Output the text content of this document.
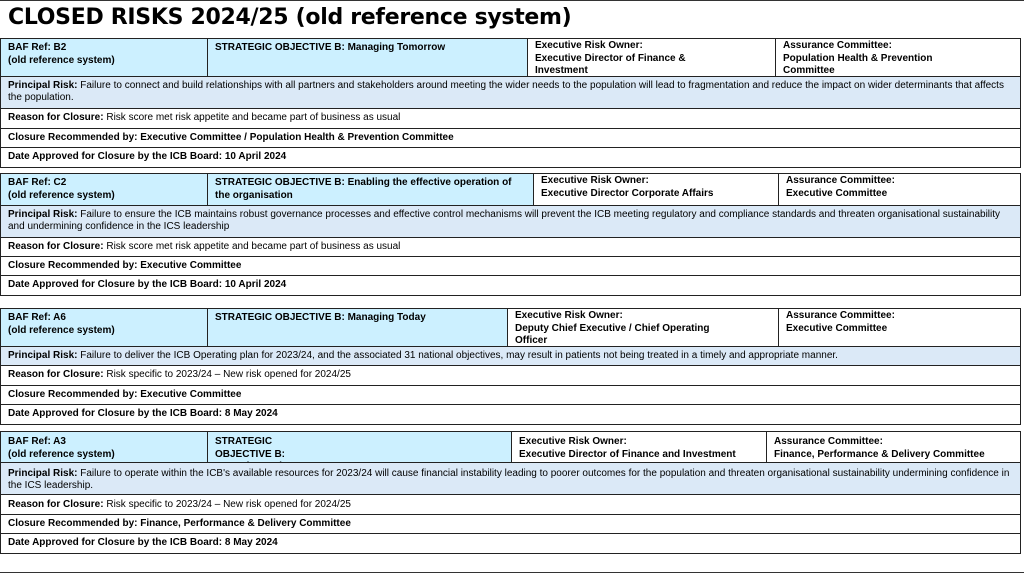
CLOSED RISKS 2024/25 (old reference system)
BAF Ref: B2
(old reference system)
STRATEGIC OBJECTIVE B: Managing Tomorrow	Executive Risk Owner:
Executive Director of Finance & Investment
Assurance Committee:
Population Health & Prevention Committee
Principal Risk: Failure to connect and build relationships with all partners and stakeholders around meeting the wider needs to the population will lead to fragmentation and reduce the impact on wider determinants that affects the population.
Reason for Closure: Risk score met risk appetite and became part of business as usual
Closure Recommended by: Executive Committee / Population Health & Prevention Committee
Date Approved for Closure by the ICB Board: 10 April 2024
BAF Ref: C2
(old reference system)
STRATEGIC OBJECTIVE B: Enabling the effective operation of the organisation
Executive Risk Owner:
Executive Director Corporate Affairs
Assurance Committee:
Executive Committee
Principal Risk: Failure to ensure the ICB maintains robust governance processes and effective control mechanisms will prevent the ICB meeting regulatory and compliance standards and threaten organisational sustainability and undermining confidence in the ICS leadership
Reason for Closure: Risk score met risk appetite and became part of business as usual
Closure Recommended by: Executive Committee
Date Approved for Closure by the ICB Board: 10 April 2024
BAF Ref: A6
(old reference system)
STRATEGIC OBJECTIVE B: Managing Today	Executive Risk Owner:
Deputy Chief Executive / Chief Operating Officer
Assurance Committee:
Executive Committee
Principal Risk: Failure to deliver the ICB Operating plan for 2023/24, and the associated 31 national objectives, may result in patients not being treated in a timely and appropriate manner.
Reason for Closure: Risk specific to 2023/24 – New risk opened for 2024/25
Closure Recommended by: Executive Committee
Date Approved for Closure by the ICB Board: 8 May 2024
BAF Ref: A3
(old reference system)
STRATEGIC OBJECTIVE B:
Executive Risk Owner:
Executive Director of Finance and Investment
Assurance Committee:
Finance, Performance & Delivery Committee
Principal Risk: Failure to operate within the ICB's available resources for 2023/24 will cause financial instability leading to poorer outcomes for the population and threaten organisational sustainability undermining confidence in the ICS leadership.
Reason for Closure: Risk specific to 2023/24 – New risk opened for 2024/25
Closure Recommended by: Finance, Performance & Delivery Committee
Date Approved for Closure by the ICB Board: 8 May 2024
